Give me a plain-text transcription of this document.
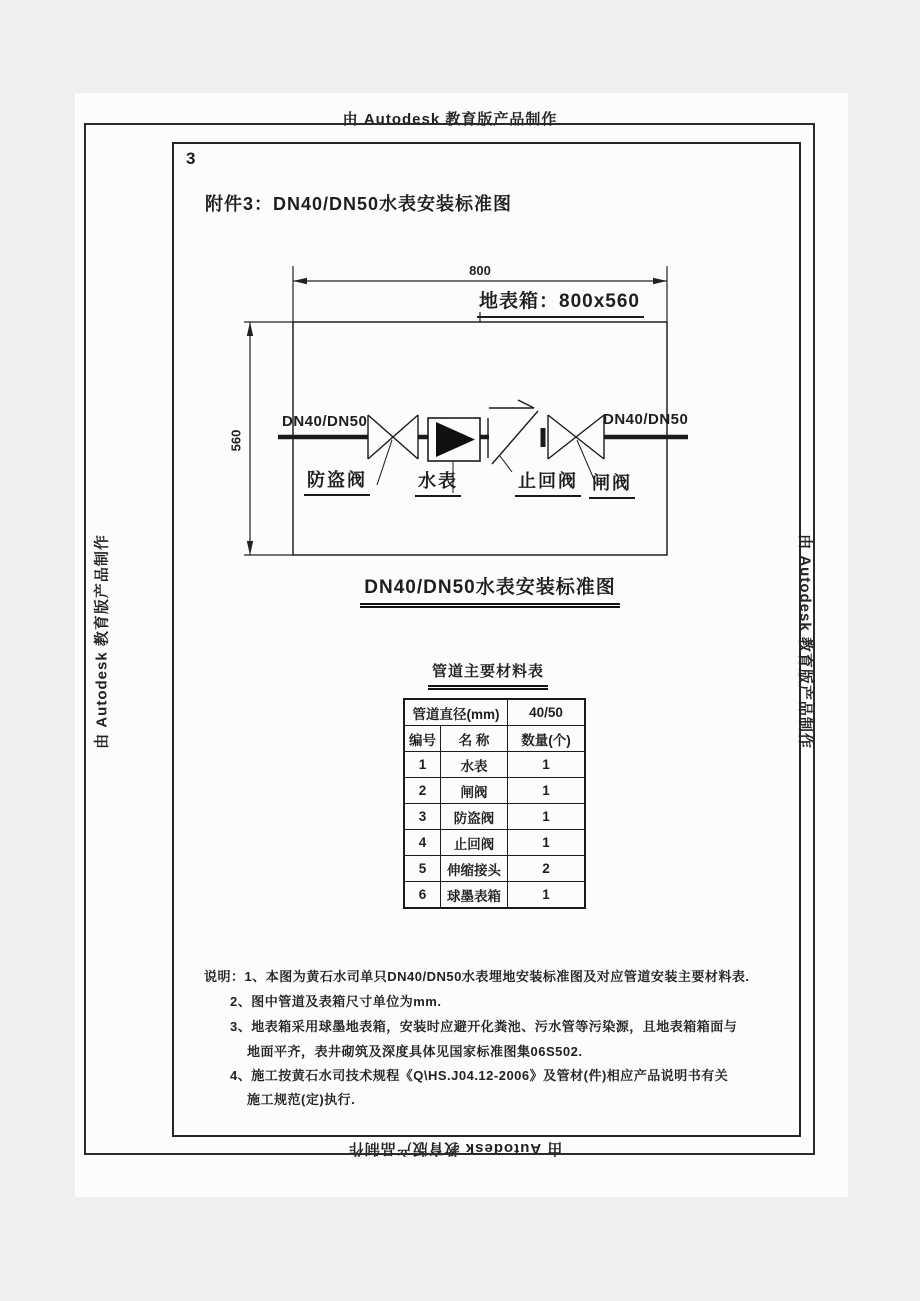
由 Autodesk 教育版产品制作
由 Autodesk 教育版产品制作
由 Autodesk 教育版产品制作	由 Autodesk 教育版产品制作
3
附件3：DN40/DN50水表安装标准图
800
560
地表箱：800x560
DN40/DN50	DN40/DN50
防盗阀	水表	止回阀 闸阀
DN40/DN50水表安装标准图
管道主要材料表
管道直径(mm)		40/50
编号	名 称	数量(个)
1	水表	1
2	闸阀	1
3	防盗阀	1
4	止回阀	1
5	伸缩接头	2
6	球墨表箱	1
说明：1、本图为黄石水司单只DN40/DN50水表埋地安装标准图及对应管道安装主要材料表.
2、图中管道及表箱尺寸单位为mm.
3、地表箱采用球墨地表箱，安装时应避开化粪池、污水管等污染源，且地表箱箱面与
地面平齐，表井砌筑及深度具体见国家标准图集06S502.
4、施工按黄石水司技术规程《Q\HS.J04.12-2006》及管材(件)相应产品说明书有关
施工规范(定)执行.
